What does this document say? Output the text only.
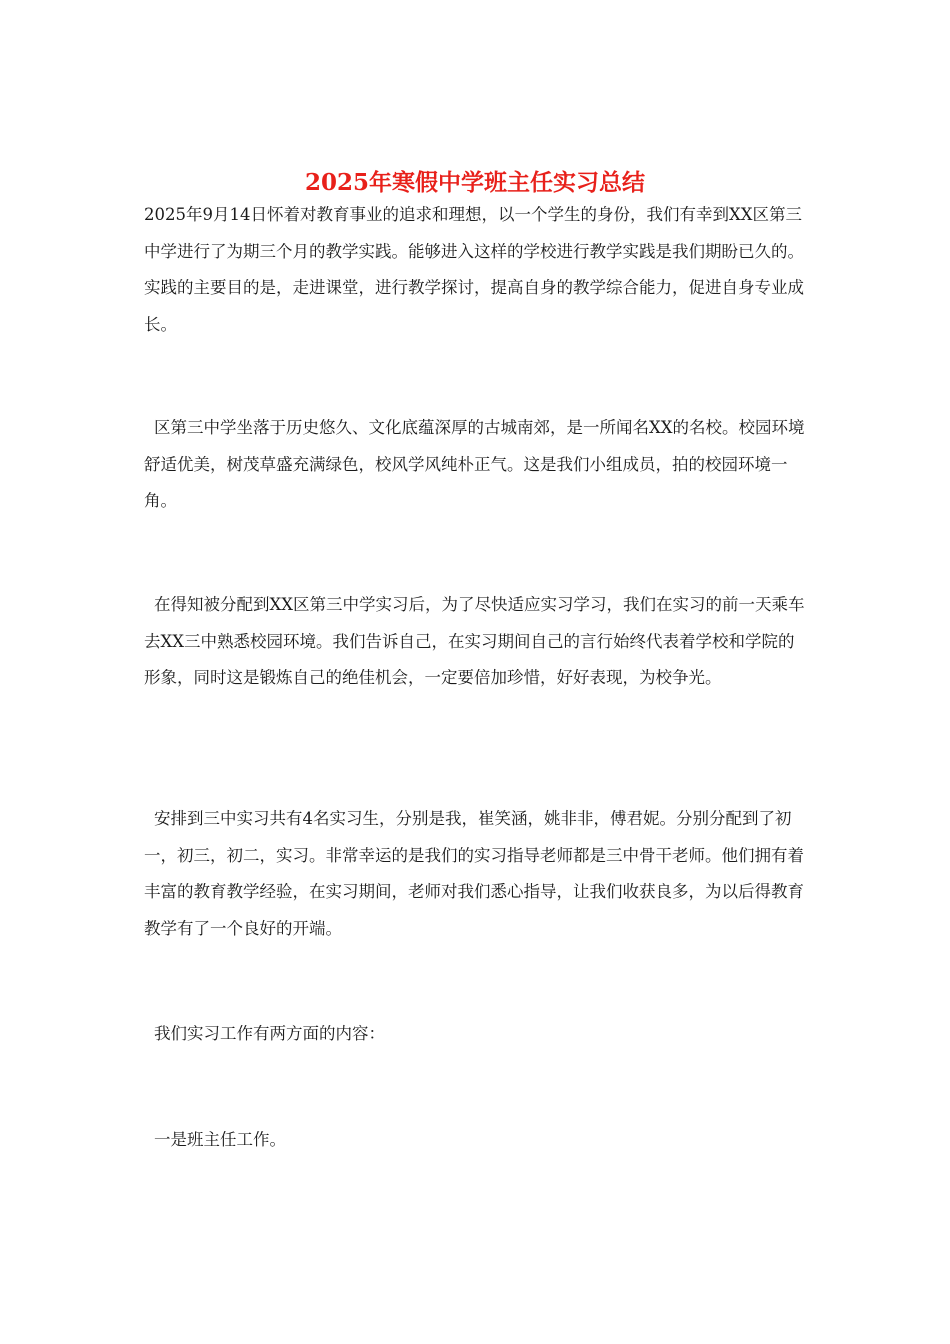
2025年寒假中学班主任实习总结

2025年9月14日怀着对教育事业的追求和理想，以一个学生的身份，我们有幸到XX区第三中学进行了为期三个月的教学实践。能够进入这样的学校进行教学实践是我们期盼已久的。实践的主要目的是，走进课堂，进行教学探讨，提高自身的教学综合能力，促进自身专业成长。

区第三中学坐落于历史悠久、文化底蕴深厚的古城南郊，是一所闻名XX的名校。校园环境舒适优美，树茂草盛充满绿色，校风学风纯朴正气。这是我们小组成员，拍的校园环境一角。

在得知被分配到XX区第三中学实习后，为了尽快适应实习学习，我们在实习的前一天乘车去XX三中熟悉校园环境。我们告诉自己，在实习期间自己的言行始终代表着学校和学院的形象，同时这是锻炼自己的绝佳机会，一定要倍加珍惜，好好表现，为校争光。

安排到三中实习共有4名实习生，分别是我，崔笑涵，姚非非，傅君妮。分别分配到了初一，初三，初二，实习。非常幸运的是我们的实习指导老师都是三中骨干老师。他们拥有着丰富的教育教学经验，在实习期间，老师对我们悉心指导，让我们收获良多，为以后得教育教学有了一个良好的开端。

我们实习工作有两方面的内容：

一是班主任工作。
